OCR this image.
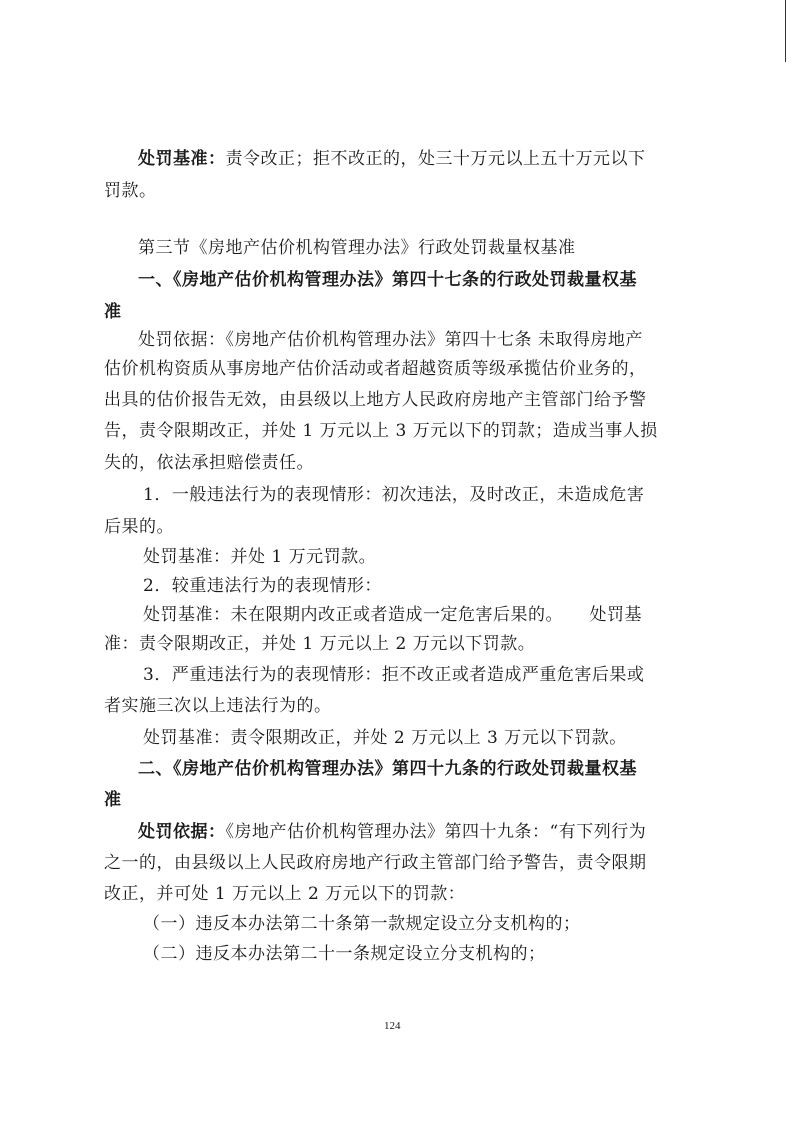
处罚基准：责令改正；拒不改正的，处三十万元以上五十万元以下
罚款。
第三节《房地产估价机构管理办法》行政处罚裁量权基准
一、《房地产估价机构管理办法》第四十七条的行政处罚裁量权基
准
处罚依据：《房地产估价机构管理办法》第四十七条 未取得房地产
估价机构资质从事房地产估价活动或者超越资质等级承揽估价业务的，
出具的估价报告无效，由县级以上地方人民政府房地产主管部门给予警
告，责令限期改正，并处 1 万元以上 3 万元以下的罚款；造成当事人损
失的，依法承担赔偿责任。
1．一般违法行为的表现情形：初次违法，及时改正，未造成危害
后果的。
处罚基准：并处 1 万元罚款。
2．较重违法行为的表现情形：
处罚基准：未在限期内改正或者造成一定危害后果的。　　处罚基
准：责令限期改正，并处 1 万元以上 2 万元以下罚款。
3．严重违法行为的表现情形：拒不改正或者造成严重危害后果或
者实施三次以上违法行为的。
处罚基准：责令限期改正，并处 2 万元以上 3 万元以下罚款。
二、《房地产估价机构管理办法》第四十九条的行政处罚裁量权基
准
处罚依据：《房地产估价机构管理办法》第四十九条：“有下列行为
之一的，由县级以上人民政府房地产行政主管部门给予警告，责令限期
改正，并可处 1 万元以上 2 万元以下的罚款：
（一）违反本办法第二十条第一款规定设立分支机构的；
（二）违反本办法第二十一条规定设立分支机构的；
124
